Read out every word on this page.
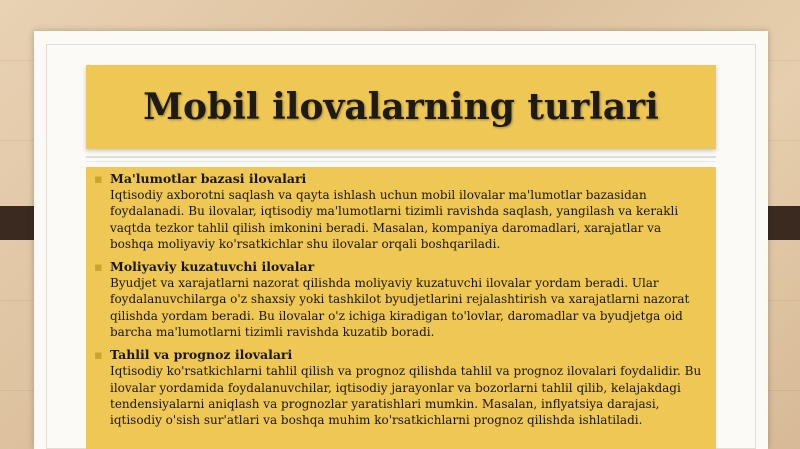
Mobil ilovalarning turlari
▪ Ma'lumotlar bazasi ilovalari
Iqtisodiy axborotni saqlash va qayta ishlash uchun mobil ilovalar ma'lumotlar bazasidan foydalanadi. Bu ilovalar, iqtisodiy ma'lumotlarni tizimli ravishda saqlash, yangilash va kerakli vaqtda tezkor tahlil qilish imkonini beradi. Masalan, kompaniya daromadlari, xarajatlar va boshqa moliyaviy ko'rsatkichlar shu ilovalar orqali boshqariladi.
▪ Moliyaviy kuzatuvchi ilovalar
Byudjet va xarajatlarni nazorat qilishda moliyaviy kuzatuvchi ilovalar yordam beradi. Ular foydalanuvchilarga o'z shaxsiy yoki tashkilot byudjetlarini rejalashtirish va xarajatlarni nazorat qilishda yordam beradi. Bu ilovalar o'z ichiga kiradigan to'lovlar, daromadlar va byudjetga oid barcha ma'lumotlarni tizimli ravishda kuzatib boradi.
▪ Tahlil va prognoz ilovalari
Iqtisodiy ko'rsatkichlarni tahlil qilish va prognoz qilishda tahlil va prognoz ilovalari foydalidir. Bu ilovalar yordamida foydalanuvchilar, iqtisodiy jarayonlar va bozorlarni tahlil qilib, kelajakdagi tendensiyalarni aniqlash va prognozlar yaratishlari mumkin. Masalan, inflyatsiya darajasi, iqtisodiy o'sish sur'atlari va boshqa muhim ko'rsatkichlarni prognoz qilishda ishlatiladi.
